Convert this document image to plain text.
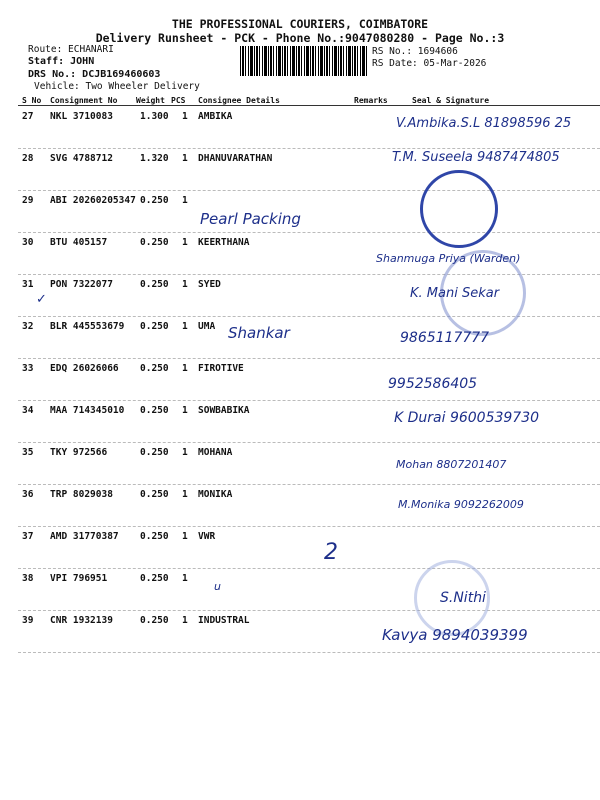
THE PROFESSIONAL COURIERS, COIMBATORE
Delivery Runsheet - PCK - Phone No.:9047080280 - Page No.:3
Route: ECHANARI
Staff: JOHN
DRS No.: DCJB169460603
Vehicle: Two Wheeler Delivery
RS No.: 1694606
RS Date: 05-Mar-2026
S No Consignment No Weight PCS Consignee Details	Remarks	Seal & Signature
27 NKL 3710083	1.300 1 AMBIKA
28 SVG 4788712	1.320 1 DHANUVARATHAN
29 ABI 20260205347 0.250 1
30 BTU 405157	0.250 1 KEERTHANA
31 PON 7322077	0.250 1 SYED
32 BLR 445553679 0.250 1 UMA
33 EDQ 26026066 0.250 1 FIROTIVE
34 MAA 714345010 0.250 1 SOWBABIKA
35 TKY 972566	0.250 1 MOHANA
36 TRP 8029038	0.250 1 MONIKA
37 AMD 31770387 0.250 1 VWR
38 VPI 796951	0.250 1
39 CNR 1932139	0.250 1 INDUSTRAL
2
u
S.Nithi
✓
V.Ambika.S.L 81898596 25
T.M. Suseela 9487474805
Pearl Packing
Shanmuga Priya (Warden)
K. Mani Sekar
Shankar	9865117777
9952586405
K Durai 9600539730
Mohan 8807201407
M.Monika 9092262009
Kavya 9894039399
